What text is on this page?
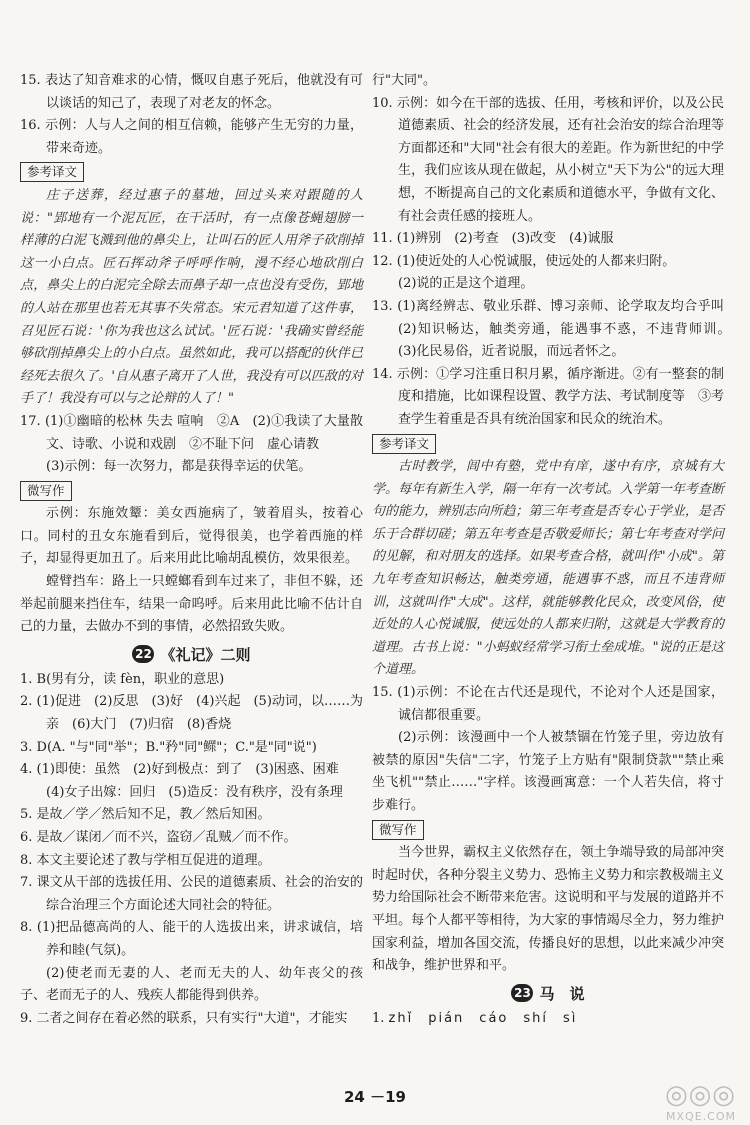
15. 表达了知音难求的心情，慨叹自惠子死后，他就没有可以谈话的知己了，表现了对老友的怀念。

16. 示例：人与人之间的相互信赖，能够产生无穷的力量，带来奇迹。

参考译文

庄子送葬，经过惠子的墓地，回过头来对跟随的人说："郢地有一个泥瓦匠，在干活时，有一点像苍蝇翅膀一样薄的白泥飞溅到他的鼻尖上，让叫石的匠人用斧子砍削掉这一小白点。匠石挥动斧子呼呼作响，漫不经心地砍削白点，鼻尖上的白泥完全除去而鼻子却一点也没有受伤，郢地的人站在那里也若无其事不失常态。宋元君知道了这件事，召见匠石说：'你为我也这么试试。'匠石说：'我确实曾经能够砍削掉鼻尖上的小白点。虽然如此，我可以搭配的伙伴已经死去很久了。'自从惠子离开了人世，我没有可以匹敌的对手了！我没有可以与之论辩的人了！"

17. (1)①幽暗的松林 失去 喧响　②A　(2)①我读了大量散文、诗歌、小说和戏剧　②不耻下问　虚心请教

(3)示例：每一次努力，都是获得幸运的伏笔。

微写作

示例：东施效颦：美女西施病了，皱着眉头，按着心口。同村的丑女东施看到后，觉得很美，也学着西施的样子，却显得更加丑了。后来用此比喻胡乱模仿，效果很差。

螳臂挡车：路上一只螳螂看到车过来了，非但不躲，还举起前腿来挡住车，结果一命呜呼。后来用此比喻不估计自己的力量，去做办不到的事情，必然招致失败。

22 《礼记》二则

1. B(男有分，读 fèn，职业的意思)

2. (1)促进　(2)反思　(3)好　(4)兴起　(5)动词，以……为亲　(6)大门　(7)归宿　(8)香烧

3. D(A. "与"同"举"；B."矜"同"鳏"；C."是"同"说")

4. (1)即使：虽然　(2)好到极点：到了　(3)困惑、困难

(4)女子出嫁：回归　(5)造反：没有秩序，没有条理

5. 是故／学／然后知不足，教／然后知困。

6. 是故／谋闭／而不兴，盗窃／乱贼／而不作。

8. 本文主要论述了教与学相互促进的道理。

7. 课文从干部的选拔任用、公民的道德素质、社会的治安的综合治理三个方面论述大同社会的特征。

8. (1)把品德高尚的人、能干的人选拔出来，讲求诚信，培养和睦(气氛)。

(2)使老而无妻的人、老而无夫的人、幼年丧父的孩子、老而无子的人、残疾人都能得到供养。

9. 二者之间存在着必然的联系，只有实行"大道"，才能实

行"大同"。

10. 示例：如今在干部的选拔、任用，考核和评价，以及公民道德素质、社会的经济发展，还有社会治安的综合治理等方面都还和"大同"社会有很大的差距。作为新世纪的中学生，我们应该从现在做起，从小树立"天下为公"的远大理想，不断提高自己的文化素质和道德水平，争做有文化、有社会责任感的接班人。

11. (1)辨别　(2)考查　(3)改变　(4)诚服

12. (1)使近处的人心悦诚服，使远处的人都来归附。

(2)说的正是这个道理。

13. (1)离经辨志、敬业乐群、博习亲师、论学取友均合乎叫　(2)知识畅达，触类旁通，能遇事不惑，不违背师训。　(3)化民易俗，近者说服，而远者怀之。

14. 示例：①学习注重日积月累，循序渐进。②有一整套的制度和措施，比如课程设置、教学方法、考试制度等　③考查学生着重是否具有统治国家和民众的统治术。

参考译文

古时教学，闾中有塾，党中有庠，遂中有序，京城有大学。每年有新生入学，隔一年有一次考试。入学第一年考查断句的能力，辨别志向所趋；第三年考查是否专心于学业，是否乐于合群切磋；第五年考查是否敬爱师长；第七年考查对学问的见解，和对朋友的选择。如果考查合格，就叫作"小成"。第九年考查知识畅达，触类旁通，能遇事不惑，而且不违背师训，这就叫作"大成"。这样，就能够教化民众，改变风俗，使近处的人心悦诚服，使远处的人都来归附，这就是大学教育的道理。古书上说："小蚂蚁经常学习衔土垒成堆。"说的正是这个道理。

15. (1)示例：不论在古代还是现代，不论对个人还是国家，诚信都很重要。

(2)示例：该漫画中一个人被禁锢在竹笼子里，旁边放有被禁的原因"失信"二字，竹笼子上方贴有"限制贷款""禁止乘坐飞机""禁止……"字样。该漫画寓意：一个人若失信，将寸步难行。

微写作

当今世界，霸权主义依然存在，领土争端导致的局部冲突时起时伏，各种分裂主义势力、恐怖主义势力和宗教极端主义势力给国际社会不断带来危害。这说明和平与发展的道路并不平坦。每个人都平等相待，为大家的事情竭尽全力，努力维护国家利益，增加各国交流，传播良好的思想，以此来减少冲突和战争，维护世界和平。

23 马　说

1. zhǐ　pián　cáo　shí　sì

24 －19	◎◎◎
MXQE.COM
